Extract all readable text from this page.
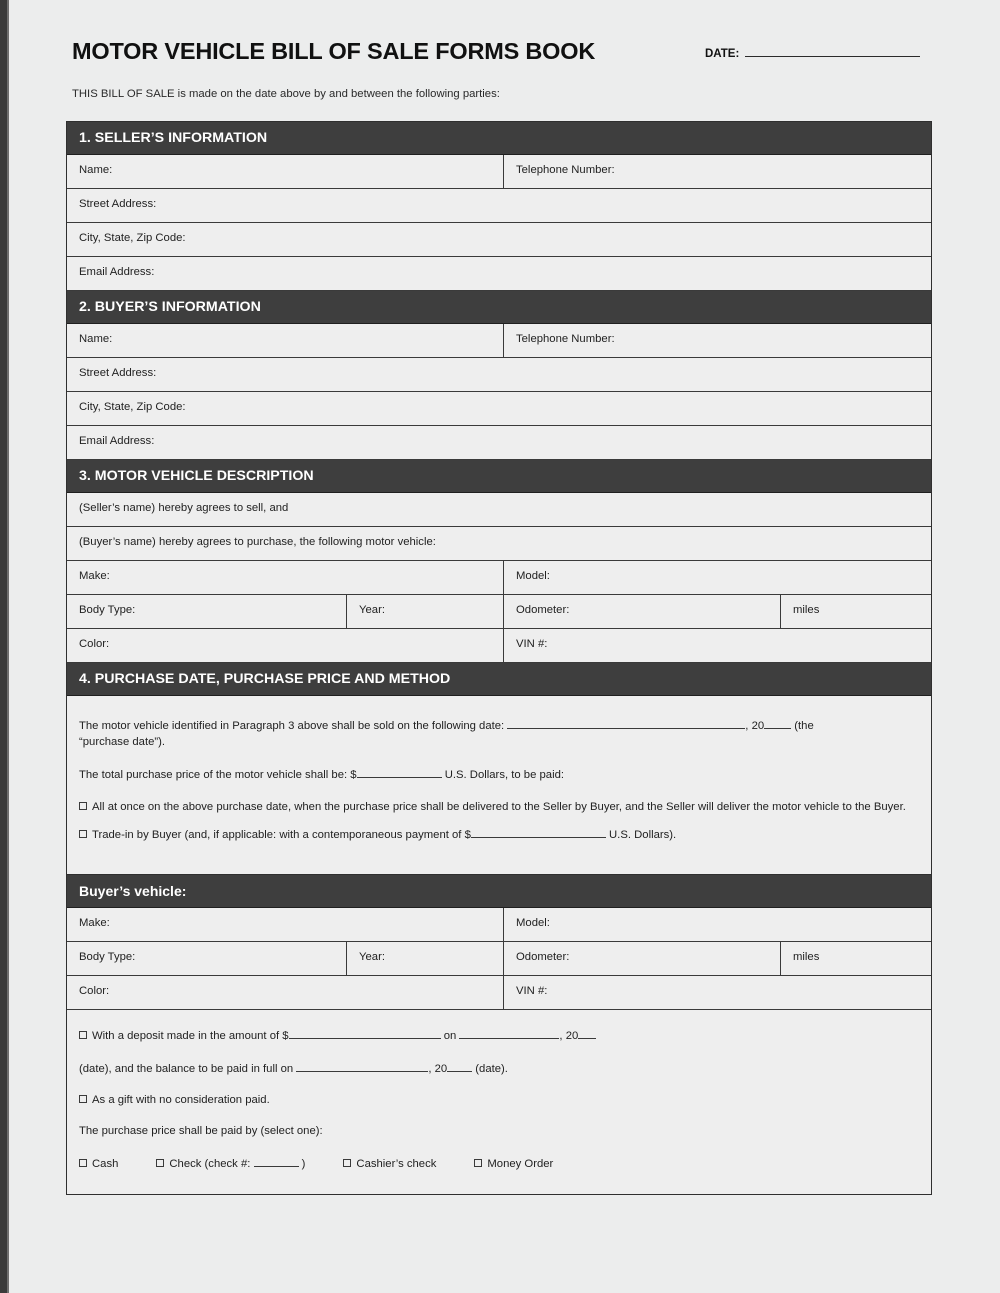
MOTOR VEHICLE BILL OF SALE FORMS BOOK	DATE:
THIS BILL OF SALE is made on the date above by and between the following parties:
1. SELLER’S INFORMATION
Name:	Telephone Number:
Street Address:
City, State, Zip Code:
Email Address:
2. BUYER’S INFORMATION
Name:	Telephone Number:
Street Address:
City, State, Zip Code:
Email Address:
3. MOTOR VEHICLE DESCRIPTION
(Seller’s name) hereby agrees to sell, and
(Buyer’s name) hereby agrees to purchase, the following motor vehicle:
Make:	Model:
Body Type:	Year:	Odometer:	miles
Color:	VIN #:
4. PURCHASE DATE, PURCHASE PRICE AND METHOD

The motor vehicle identified in Paragraph 3 above shall be sold on the following date:	, 20	(the
“purchase date”).

The total purchase price of the motor vehicle shall be: $	U.S. Dollars, to be paid:

All at once on the above purchase date, when the purchase price shall be delivered to the Seller by Buyer, and the Seller will deliver the motor vehicle to the Buyer.

Trade-in by Buyer (and, if applicable: with a contemporaneous payment of $	U.S. Dollars).

Buyer’s vehicle:
Make:	Model:
Body Type:	Year:	Odometer:	miles
Color:	VIN #:

With a deposit made in the amount of $	on	, 20

(date), and the balance to be paid in full on	, 20 (date).

As a gift with no consideration paid.

The purchase price shall be paid by (select one):

Cash	Check (check #:	)	Cashier’s check	Money Order
